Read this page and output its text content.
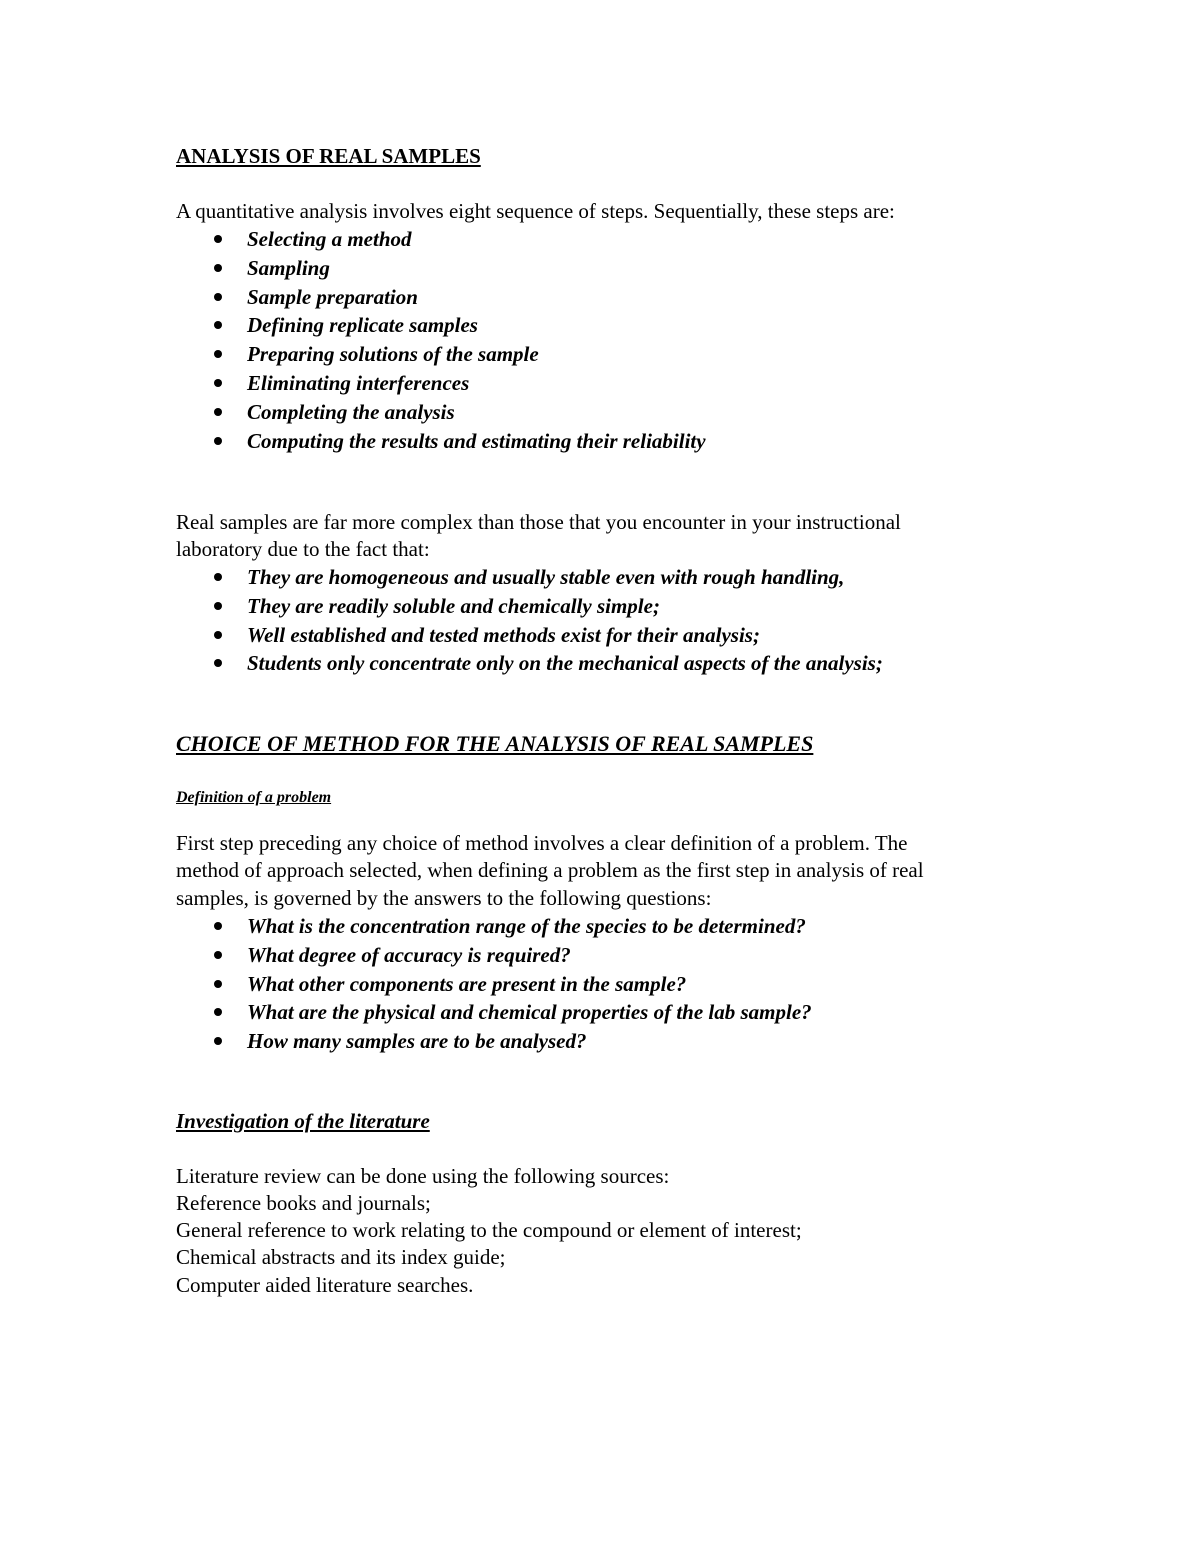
ANALYSIS OF REAL SAMPLES

A quantitative analysis involves eight sequence of steps. Sequentially, these steps are:

Selecting a method
Sampling
Sample preparation
Defining replicate samples
Preparing solutions of the sample
Eliminating interferences
Completing the analysis
Computing the results and estimating their reliability

Real samples are far more complex than those that you encounter in your instructional

laboratory due to the fact that:

They are homogeneous and usually stable even with rough handling,
They are readily soluble and chemically simple;
Well established and tested methods exist for their analysis;
Students only concentrate only on the mechanical aspects of the analysis;

CHOICE OF METHOD FOR THE ANALYSIS OF REAL SAMPLES

Definition of a problem

First step preceding any choice of method involves a clear definition of a problem. The

method of approach selected, when defining a problem as the first step in analysis of real

samples, is governed by the answers to the following questions:

What is the concentration range of the species to be determined?
What degree of accuracy is required?
What other components are present in the sample?
What are the physical and chemical properties of the lab sample?
How many samples are to be analysed?

Investigation of the literature

Literature review can be done using the following sources:

Reference books and journals;

General reference to work relating to the compound or element of interest;

Chemical abstracts and its index guide;

Computer aided literature searches.
